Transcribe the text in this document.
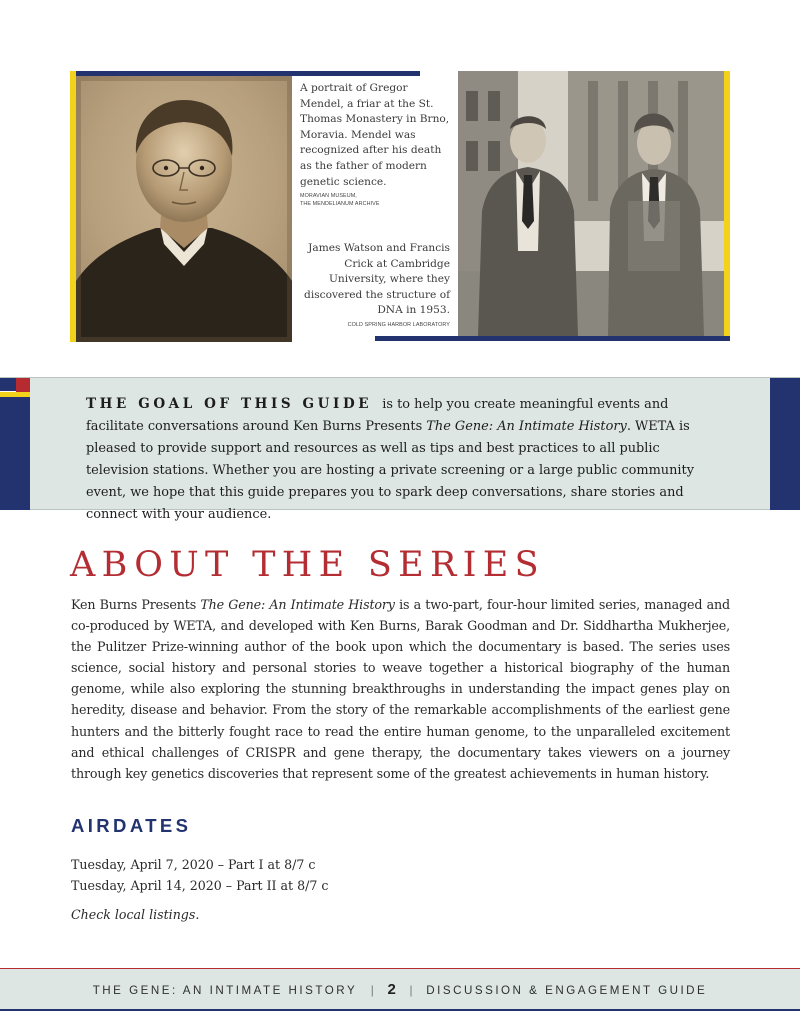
A portrait of Gregor Mendel, a friar at the St. Thomas Monastery in Brno, Moravia. Mendel was recognized after his death as the father of modern genetic science.
MORAVIAN MUSEUM,
THE MENDELIANUM ARCHIVE
James Watson and Francis Crick at Cambridge University, where they discovered the structure of DNA in 1953.
COLD SPRING HARBOR LABORATORY
THE GOAL OF THIS GUIDE is to help you create meaningful events and facilitate conversations around Ken Burns Presents The Gene: An Intimate History. WETA is pleased to provide support and resources as well as tips and best practices to all public television stations. Whether you are hosting a private screening or a large public community event, we hope that this guide prepares you to spark deep conversations, share stories and connect with your audience.
ABOUT THE SERIES
Ken Burns Presents The Gene: An Intimate History is a two-part, four-hour limited series, managed and co-produced by WETA, and developed with Ken Burns, Barak Goodman and Dr. Siddhartha Mukherjee, the Pulitzer Prize-winning author of the book upon which the documentary is based. The series uses science, social history and personal stories to weave together a historical biography of the human genome, while also exploring the stunning breakthroughs in understanding the impact genes play on heredity, disease and behavior. From the story of the remarkable accomplishments of the earliest gene hunters and the bitterly fought race to read the entire human genome, to the unparalleled excitement and ethical challenges of CRISPR and gene therapy, the documentary takes viewers on a journey through key genetics discoveries that represent some of the greatest achievements in human history.
AIRDATES
Tuesday, April 7, 2020 – Part I at 8/7 c
Tuesday, April 14, 2020 – Part II at 8/7 c
Check local listings.
THE GENE: AN INTIMATE HISTORY | 2 | DISCUSSION & ENGAGEMENT GUIDE
